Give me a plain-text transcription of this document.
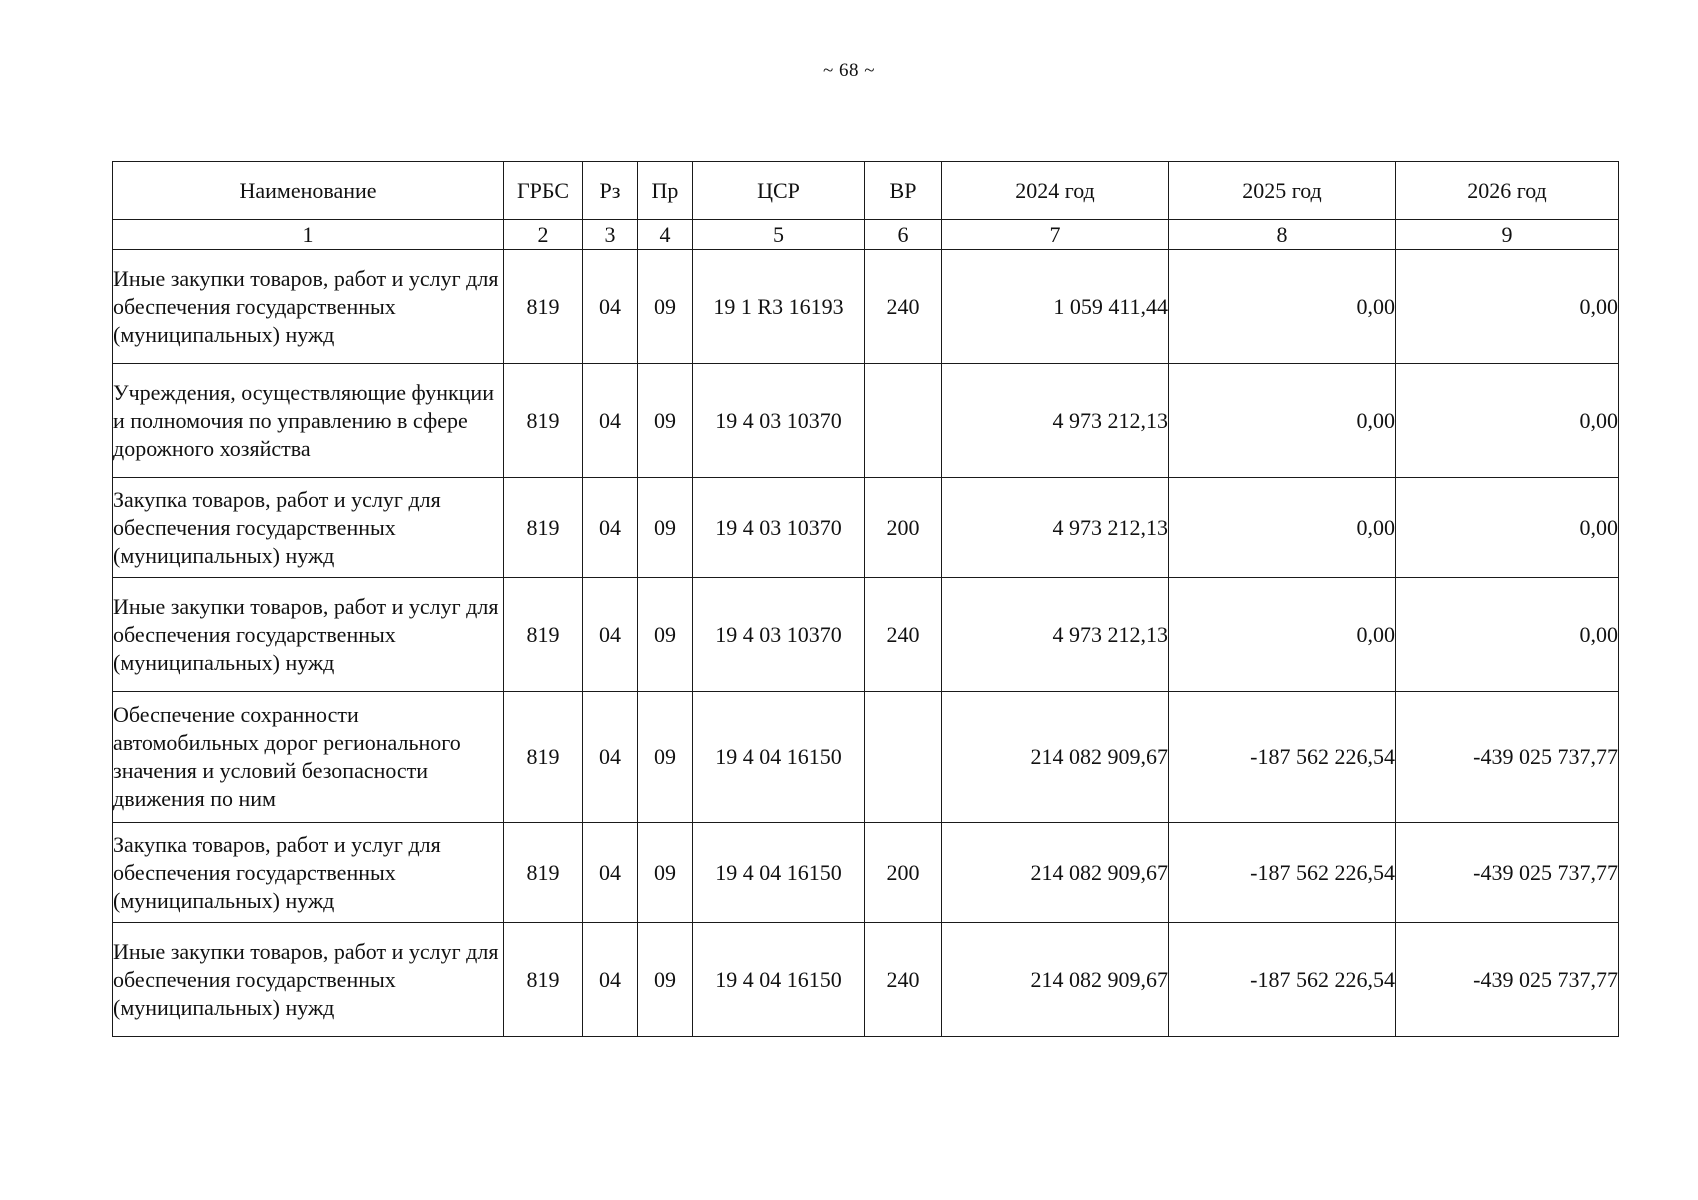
~ 68 ~
Наименование	ГРБС	Рз	Пр	ЦСР	ВР	2024 год	2025 год	2026 год
1	2	3	4	5	6	7	8	9
Иные закупки товаров, работ и услуг для обеспечения государственных (муниципальных) нужд	819	04	09	19 1 R3 16193	240	1 059 411,44	0,00	0,00
Учреждения, осуществляющие функции и полномочия по управлению в сфере дорожного хозяйства	819	04	09	19 4 03 10370		4 973 212,13	0,00	0,00
Закупка товаров, работ и услуг для обеспечения государственных (муниципальных) нужд	819	04	09	19 4 03 10370	200	4 973 212,13	0,00	0,00
Иные закупки товаров, работ и услуг для обеспечения государственных (муниципальных) нужд	819	04	09	19 4 03 10370	240	4 973 212,13	0,00	0,00
Обеспечение сохранности автомобильных дорог регионального значения и условий безопасности движения по ним	819	04	09	19 4 04 16150		214 082 909,67	-187 562 226,54	-439 025 737,77
Закупка товаров, работ и услуг для обеспечения государственных (муниципальных) нужд	819	04	09	19 4 04 16150	200	214 082 909,67	-187 562 226,54	-439 025 737,77
Иные закупки товаров, работ и услуг для обеспечения государственных (муниципальных) нужд	819	04	09	19 4 04 16150	240	214 082 909,67	-187 562 226,54	-439 025 737,77
